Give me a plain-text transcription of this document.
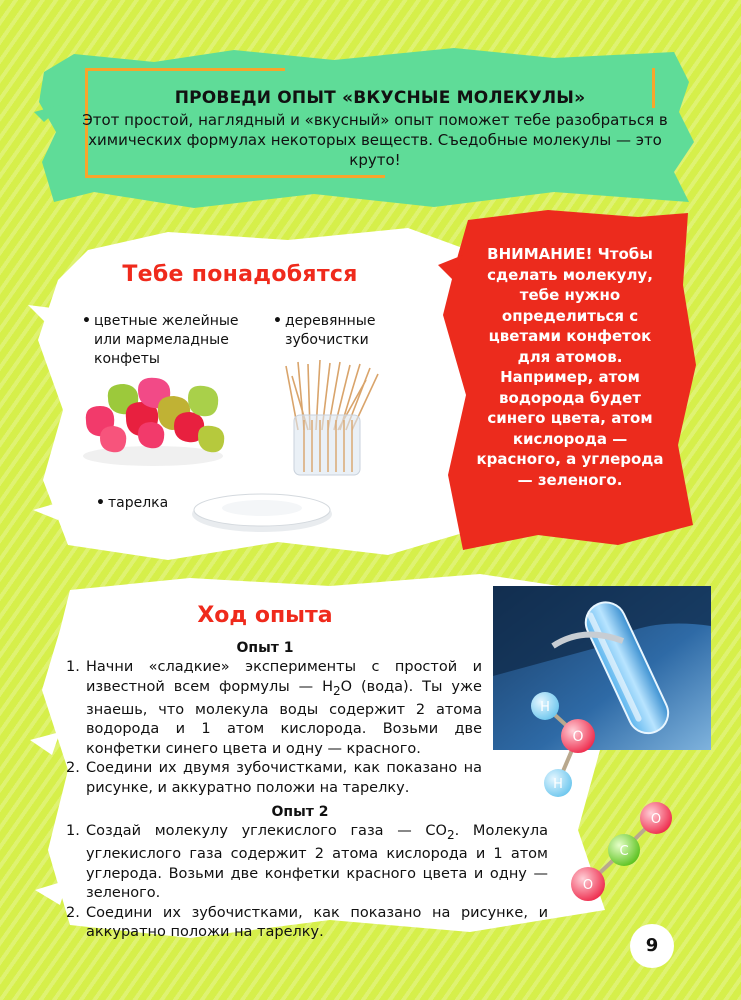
ПРОВЕДИ ОПЫТ «ВКУСНЫЕ МОЛЕКУЛЫ»
Этот простой, наглядный и «вкусный» опыт поможет тебе разобраться в химических формулах некоторых веществ. Съедобные молекулы — это круто!
Тебе понадобятся
• цветные желейные или мармеладные конфеты
• деревянные зубочистки
• тарелка
ВНИМАНИЕ! Чтобы сделать молекулу, тебе нужно определиться с цветами конфеток для атомов. Например, атом водорода будет синего цвета, атом кислорода — красного, а углерода — зеленого.
Ход опыта
Опыт 1
1. Начни «сладкие» эксперименты с простой и известной всем формулы — $H_2O$ (вода). Ты уже знаешь, что молекула воды содержит 2 атома водорода и 1 атом кислорода. Возьми две конфетки синего цвета и одну — красного.
2. Соедини их двумя зубочистками, как показано на рисунке, и аккуратно положи на тарелку.
Опыт 2
1. Создай молекулу углекислого газа — $CO_2$. Молекула углекислого газа содержит 2 атома кислорода и 1 атом углерода. Возьми две конфетки красного цвета и одну — зеленого.
2. Соедини их зубочистками, как показано на рисунке, и аккуратно положи на тарелку.
H
O
H
O
C
O
9
